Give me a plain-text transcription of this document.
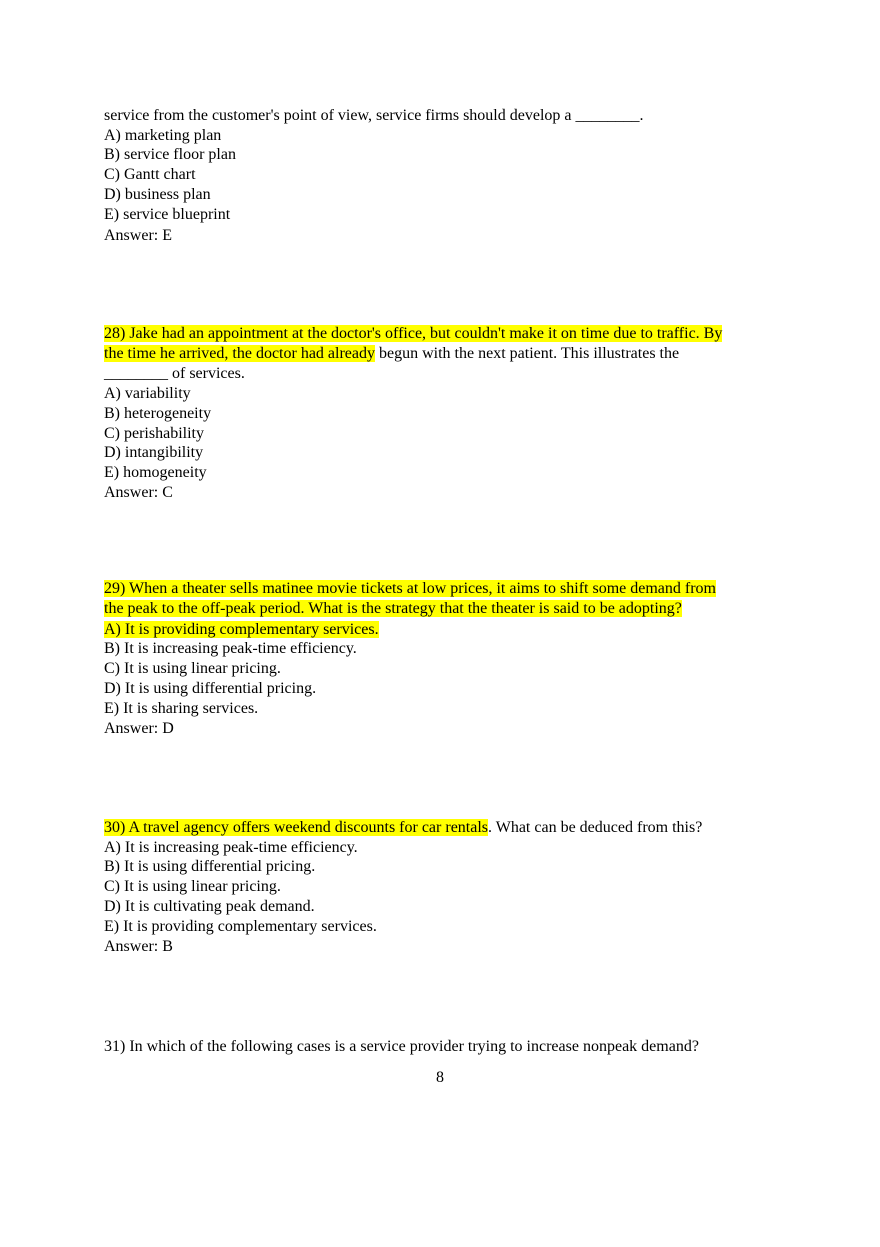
service from the customer's point of view, service firms should develop a ________.
A) marketing plan
B) service floor plan
C) Gantt chart
D) business plan
E) service blueprint
Answer: E
28) Jake had an appointment at the doctor's office, but couldn't make it on time due to traffic. By
the time he arrived, the doctor had already begun with the next patient. This illustrates the
________ of services.
A) variability
B) heterogeneity
C) perishability
D) intangibility
E) homogeneity
Answer: C
29) When a theater sells matinee movie tickets at low prices, it aims to shift some demand from
the peak to the off-peak period. What is the strategy that the theater is said to be adopting?
A) It is providing complementary services.
B) It is increasing peak-time efficiency.
C) It is using linear pricing.
D) It is using differential pricing.
E) It is sharing services.
Answer: D
30) A travel agency offers weekend discounts for car rentals. What can be deduced from this?
A) It is increasing peak-time efficiency.
B) It is using differential pricing.
C) It is using linear pricing.
D) It is cultivating peak demand.
E) It is providing complementary services.
Answer: B
31) In which of the following cases is a service provider trying to increase nonpeak demand?
8
